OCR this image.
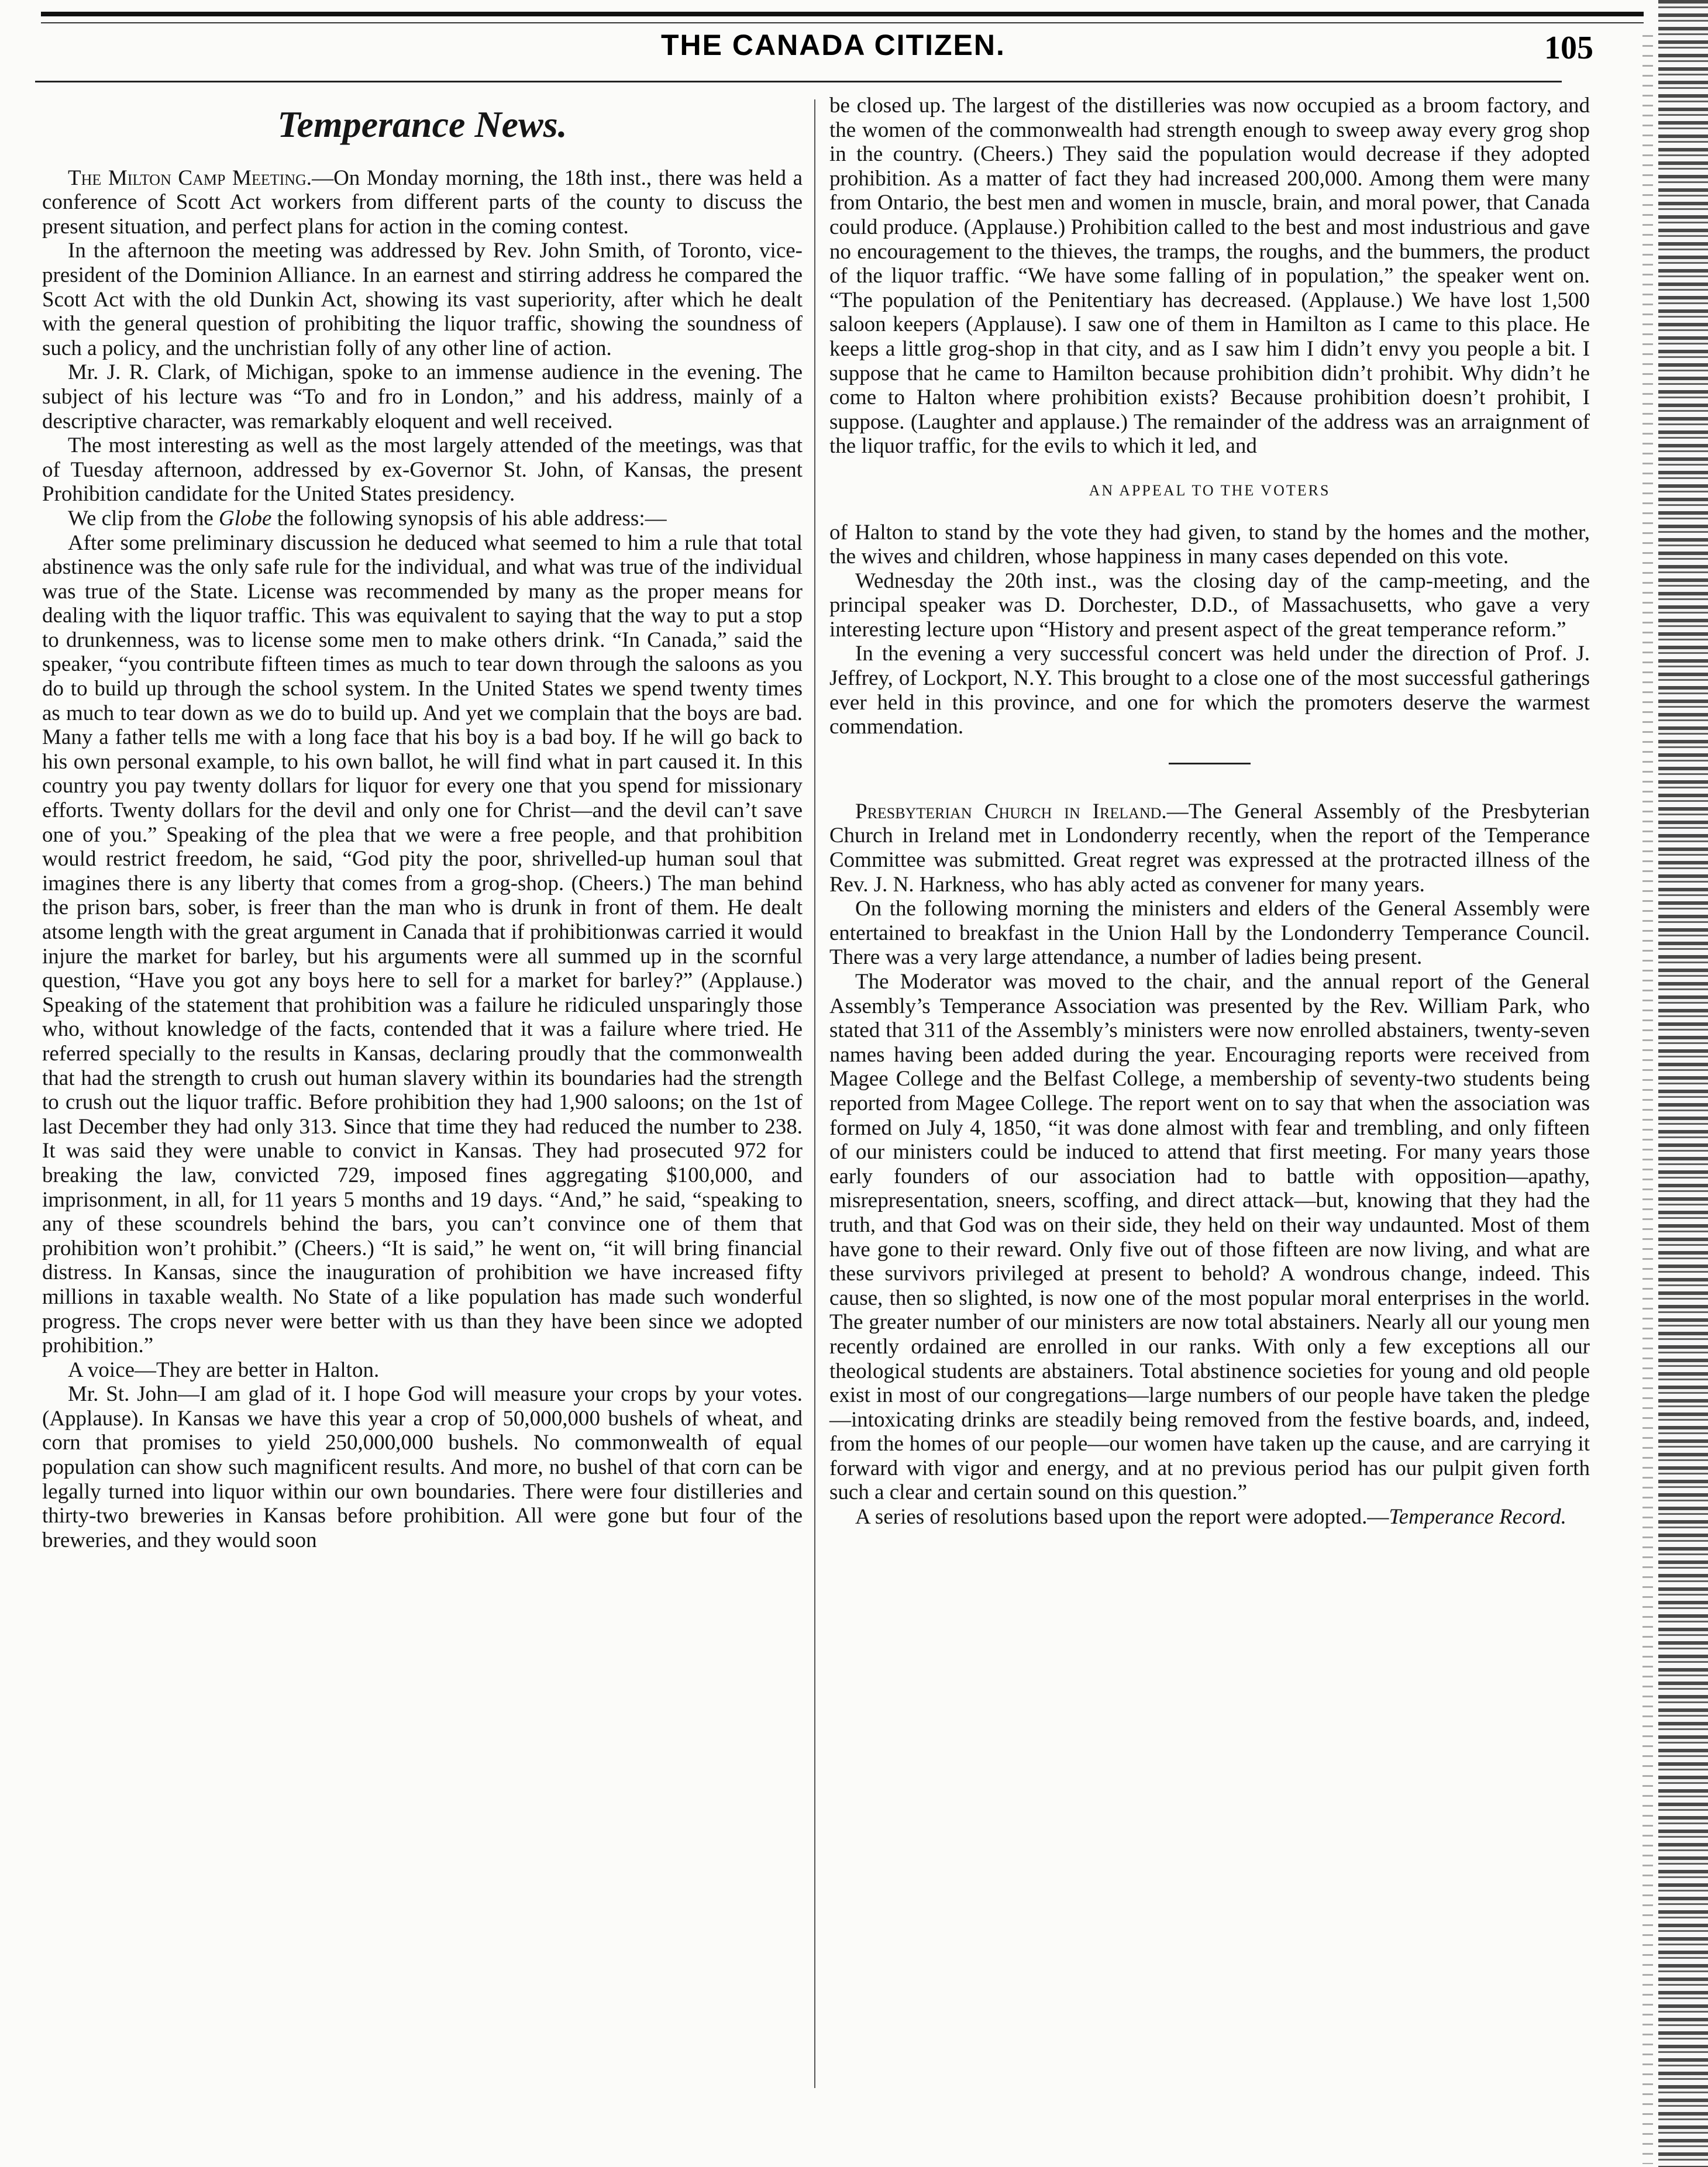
THE CANADA CITIZEN.	105
Temperance News.

The Milton Camp Meeting.—On Monday morning, the 18th inst., there was held a conference of Scott Act workers from different parts of the county to discuss the present situation, and perfect plans for action in the coming contest.

In the afternoon the meeting was addressed by Rev. John Smith, of Toronto, vice-president of the Dominion Alliance. In an earnest and stirring address he compared the Scott Act with the old Dunkin Act, showing its vast superiority, after which he dealt with the general question of prohibiting the liquor traffic, showing the soundness of such a policy, and the unchristian folly of any other line of action.

Mr. J. R. Clark, of Michigan, spoke to an immense audience in the evening. The subject of his lecture was “To and fro in London,” and his address, mainly of a descriptive character, was remarkably eloquent and well received.

The most interesting as well as the most largely attended of the meetings, was that of Tuesday afternoon, addressed by ex-Governor St. John, of Kansas, the present Prohibition candidate for the United States presidency.

We clip from the Globe the following synopsis of his able address:—

After some preliminary discussion he deduced what seemed to him a rule that total abstinence was the only safe rule for the individual, and what was true of the individual was true of the State. License was recommended by many as the proper means for dealing with the liquor traffic. This was equivalent to saying that the way to put a stop to drunkenness, was to license some men to make others drink. “In Canada,” said the speaker, “you contribute fifteen times as much to tear down through the saloons as you do to build up through the school system. In the United States we spend twenty times as much to tear down as we do to build up. And yet we complain that the boys are bad. Many a father tells me with a long face that his boy is a bad boy. If he will go back to his own personal example, to his own ballot, he will find what in part caused it. In this country you pay twenty dollars for liquor for every one that you spend for missionary efforts. Twenty dollars for the devil and only one for Christ—and the devil can’t save one of you.” Speaking of the plea that we were a free people, and that prohibition would restrict freedom, he said, “God pity the poor, shrivelled-up human soul that imagines there is any liberty that comes from a grog-shop. (Cheers.) The man behind the prison bars, sober, is freer than the man who is drunk in front of them. He dealt atsome length with the great argument in Canada that if prohibitionwas carried it would injure the market for barley, but his arguments were all summed up in the scornful question, “Have you got any boys here to sell for a market for barley?” (Applause.) Speaking of the statement that prohibition was a failure he ridiculed unsparingly those who, without knowledge of the facts, contended that it was a failure where tried. He referred specially to the results in Kansas, declaring proudly that the commonwealth that had the strength to crush out human slavery within its boundaries had the strength to crush out the liquor traffic. Before prohibition they had 1,900 saloons; on the 1st of last December they had only 313. Since that time they had reduced the number to 238. It was said they were unable to convict in Kansas. They had prosecuted 972 for breaking the law, convicted 729, imposed fines aggregating $100,000, and imprisonment, in all, for 11 years 5 months and 19 days. “And,” he said, “speaking to any of these scoundrels behind the bars, you can’t convince one of them that prohibition won’t prohibit.” (Cheers.) “It is said,” he went on, “it will bring financial distress. In Kansas, since the inauguration of prohibition we have increased fifty millions in taxable wealth. No State of a like population has made such wonderful progress. The crops never were better with us than they have been since we adopted prohibition.”

A voice—They are better in Halton.

Mr. St. John—I am glad of it. I hope God will measure your crops by your votes. (Applause). In Kansas we have this year a crop of 50,000,000 bushels of wheat, and corn that promises to yield 250,000,000 bushels. No commonwealth of equal population can show such magnificent results. And more, no bushel of that corn can be legally turned into liquor within our own boundaries. There were four distilleries and thirty-two breweries in Kansas before prohibition. All were gone but four of the breweries, and they would soon

be closed up. The largest of the distilleries was now occupied as a broom factory, and the women of the commonwealth had strength enough to sweep away every grog shop in the country. (Cheers.) They said the population would decrease if they adopted prohibition. As a matter of fact they had increased 200,000. Among them were many from Ontario, the best men and women in muscle, brain, and moral power, that Canada could produce. (Applause.) Prohibition called to the best and most industrious and gave no encouragement to the thieves, the tramps, the roughs, and the bummers, the product of the liquor traffic. “We have some falling of in population,” the speaker went on. “The population of the Penitentiary has decreased. (Applause.) We have lost 1,500 saloon keepers (Applause). I saw one of them in Hamilton as I came to this place. He keeps a little grog-shop in that city, and as I saw him I didn’t envy you people a bit. I suppose that he came to Hamilton because prohibition didn’t prohibit. Why didn’t he come to Halton where prohibition exists? Because prohibition doesn’t prohibit, I suppose. (Laughter and applause.) The remainder of the address was an arraignment of the liquor traffic, for the evils to which it led, and

AN APPEAL TO THE VOTERS

of Halton to stand by the vote they had given, to stand by the homes and the mother, the wives and children, whose happiness in many cases depended on this vote.

Wednesday the 20th inst., was the closing day of the camp-meeting, and the principal speaker was D. Dorchester, D.D., of Massachusetts, who gave a very interesting lecture upon “History and present aspect of the great temperance reform.”

In the evening a very successful concert was held under the direction of Prof. J. Jeffrey, of Lockport, N.Y. This brought to a close one of the most successful gatherings ever held in this province, and one for which the promoters deserve the warmest commendation.

Presbyterian Church in Ireland.—The General Assembly of the Presbyterian Church in Ireland met in Londonderry recently, when the report of the Temperance Committee was submitted. Great regret was expressed at the protracted illness of the Rev. J. N. Harkness, who has ably acted as convener for many years.

On the following morning the ministers and elders of the General Assembly were entertained to breakfast in the Union Hall by the Londonderry Temperance Council. There was a very large attendance, a number of ladies being present.

The Moderator was moved to the chair, and the annual report of the General Assembly’s Temperance Association was presented by the Rev. William Park, who stated that 311 of the Assembly’s ministers were now enrolled abstainers, twenty-seven names having been added during the year. Encouraging reports were received from Magee College and the Belfast College, a membership of seventy-two students being reported from Magee College. The report went on to say that when the association was formed on July 4, 1850, “it was done almost with fear and trembling, and only fifteen of our ministers could be induced to attend that first meeting. For many years those early founders of our association had to battle with opposition—apathy, misrepresentation, sneers, scoffing, and direct attack—but, knowing that they had the truth, and that God was on their side, they held on their way undaunted. Most of them have gone to their reward. Only five out of those fifteen are now living, and what are these survivors privileged at present to behold? A wondrous change, indeed. This cause, then so slighted, is now one of the most popular moral enterprises in the world. The greater number of our ministers are now total abstainers. Nearly all our young men recently ordained are enrolled in our ranks. With only a few exceptions all our theological students are abstainers. Total abstinence societies for young and old people exist in most of our congregations—large numbers of our people have taken the pledge—intoxicating drinks are steadily being removed from the festive boards, and, indeed, from the homes of our people—our women have taken up the cause, and are carrying it forward with vigor and energy, and at no previous period has our pulpit given forth such a clear and certain sound on this question.”

A series of resolutions based upon the report were adopted.—Temperance Record.
